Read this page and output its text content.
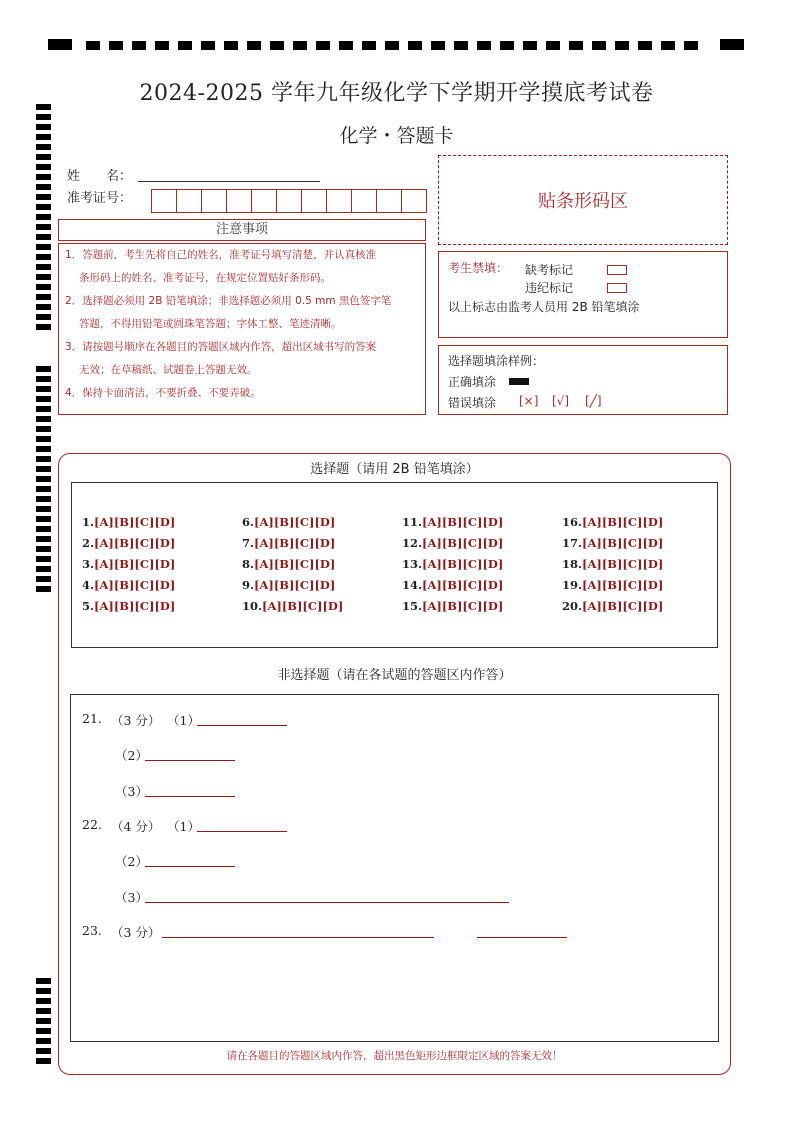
2024-2025 学年九年级化学下学期开学摸底考试卷
化学・答题卡
姓　　名：
准考证号：	贴条形码区
注意事项
1．答题前，考生先将自己的姓名，准考证号填写清楚，并认真核准
条形码上的姓名、准考证号，在规定位置贴好条形码。
2．选择题必须用 2B 铅笔填涂；非选择题必须用 0.5 mm 黑色签字笔
答题，不得用铅笔或圆珠笔答题；字体工整、笔迹清晰。
3．请按题号顺序在各题目的答题区域内作答，超出区域书写的答案
无效；在草稿纸、试题卷上答题无效。
4．保持卡面清洁，不要折叠、不要弄破。
考生禁填： 缺考标记
违纪标记
以上标志由监考人员用 2B 铅笔填涂
选择题填涂样例：
正确填涂
错误填涂 [×] [√] [╱]
选择题（请用 2B 铅笔填涂）
1.[A][B][C][D]
2.[A][B][C][D]
3.[A][B][C][D]
4.[A][B][C][D]
5.[A][B][C][D]
6.[A][B][C][D]
7.[A][B][C][D]
8.[A][B][C][D]
9.[A][B][C][D]
10.[A][B][C][D]
11.[A][B][C][D]
12.[A][B][C][D]
13.[A][B][C][D]
14.[A][B][C][D]
15.[A][B][C][D]
16.[A][B][C][D]
17.[A][B][C][D]
18.[A][B][C][D]
19.[A][B][C][D]
20.[A][B][C][D]
非选择题（请在各试题的答题区内作答）
21. （3 分） （1）
（2）
（3）
22. （4 分） （1）
（2）
（3）
23. （3 分）
请在各题目的答题区域内作答，超出黑色矩形边框限定区域的答案无效！
